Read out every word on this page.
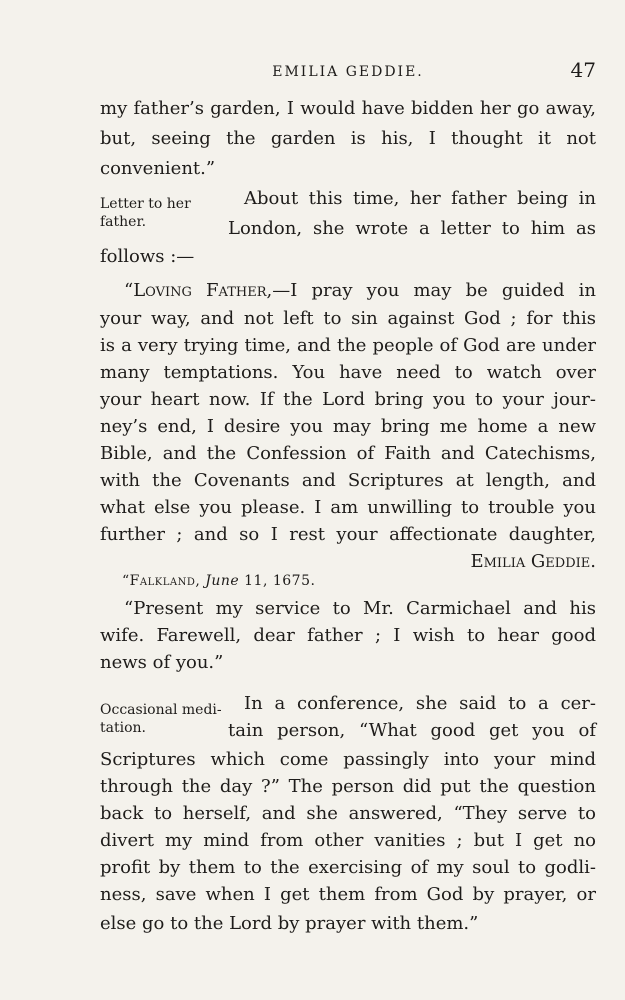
EMILIA GEDDIE.	47
my father’s garden, I would have bidden her go away,
but, seeing the garden is his, I thought it not
convenient.”
Letter to her
father.
About this time, her father being in
London, she wrote a letter to him as
follows :—
“Loving Father,—I pray you may be guided in
your way, and not left to sin against God ; for this
is a very trying time, and the people of God are under
many temptations. You have need to watch over
your heart now. If the Lord bring you to your jour-
ney’s end, I desire you may bring me home a new
Bible, and the Confession of Faith and Catechisms,
with the Covenants and Scriptures at length, and
what else you please. I am unwilling to trouble you
further ; and so I rest your affectionate daughter,
Emilia Geddie.
“Falkland, June 11, 1675.
“Present my service to Mr. Carmichael and his
wife. Farewell, dear father ; I wish to hear good
news of you.”
Occasional medi-
tation.
In a conference, she said to a cer-
tain person, “What good get you of
Scriptures which come passingly into your mind
through the day ?” The person did put the question
back to herself, and she answered, “They serve to
divert my mind from other vanities ; but I get no
profit by them to the exercising of my soul to godli-
ness, save when I get them from God by prayer, or
else go to the Lord by prayer with them.”
